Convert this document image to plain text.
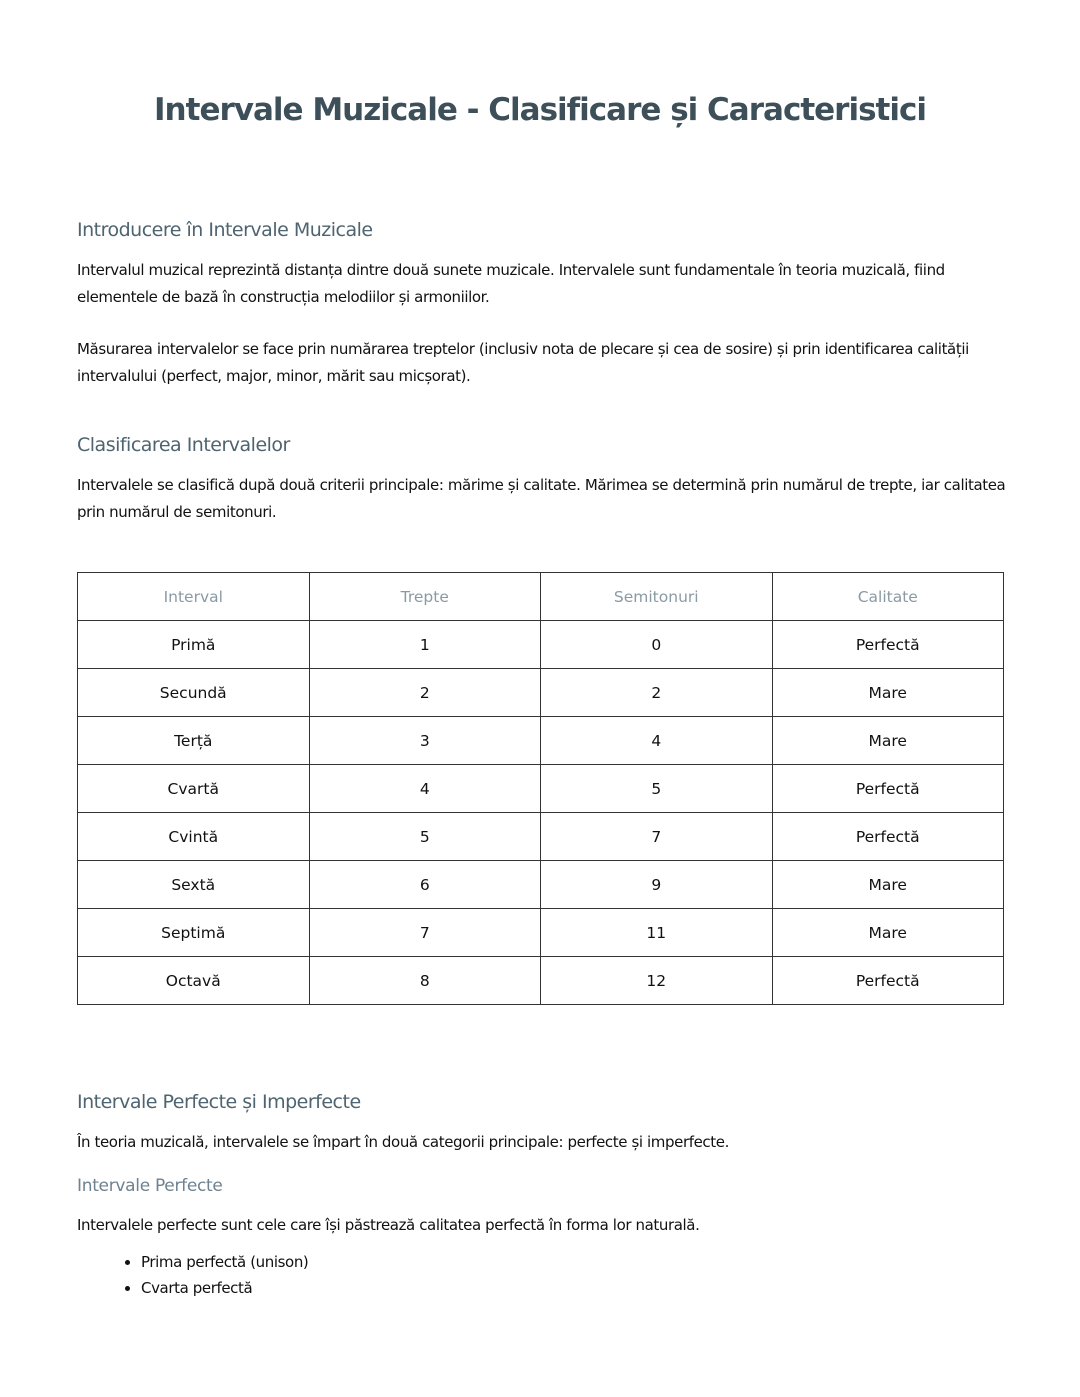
Intervale Muzicale - Clasificare și Caracteristici
Introducere în Intervale Muzicale
Intervalul muzical reprezintă distanța dintre două sunete muzicale. Intervalele sunt fundamentale în teoria muzicală, fiind elementele de bază în construcția melodiilor și armoniilor.
Măsurarea intervalelor se face prin numărarea treptelor (inclusiv nota de plecare și cea de sosire) și prin identificarea calității intervalului (perfect, major, minor, mărit sau micșorat).
Clasificarea Intervalelor
Intervalele se clasifică după două criterii principale: mărime și calitate. Mărimea se determină prin numărul de trepte, iar calitatea prin numărul de semitonuri.
Interval	Trepte	Semitonuri	Calitate
Primă	1	0	Perfectă
Secundă	2	2	Mare
Terță	3	4	Mare
Cvartă	4	5	Perfectă
Cvintă	5	7	Perfectă
Sextă	6	9	Mare
Septimă	7	11	Mare
Octavă	8	12	Perfectă
Intervale Perfecte și Imperfecte
În teoria muzicală, intervalele se împart în două categorii principale: perfecte și imperfecte.
Intervale Perfecte
Intervalele perfecte sunt cele care își păstrează calitatea perfectă în forma lor naturală.
• Prima perfectă (unison)
• Cvarta perfectă
